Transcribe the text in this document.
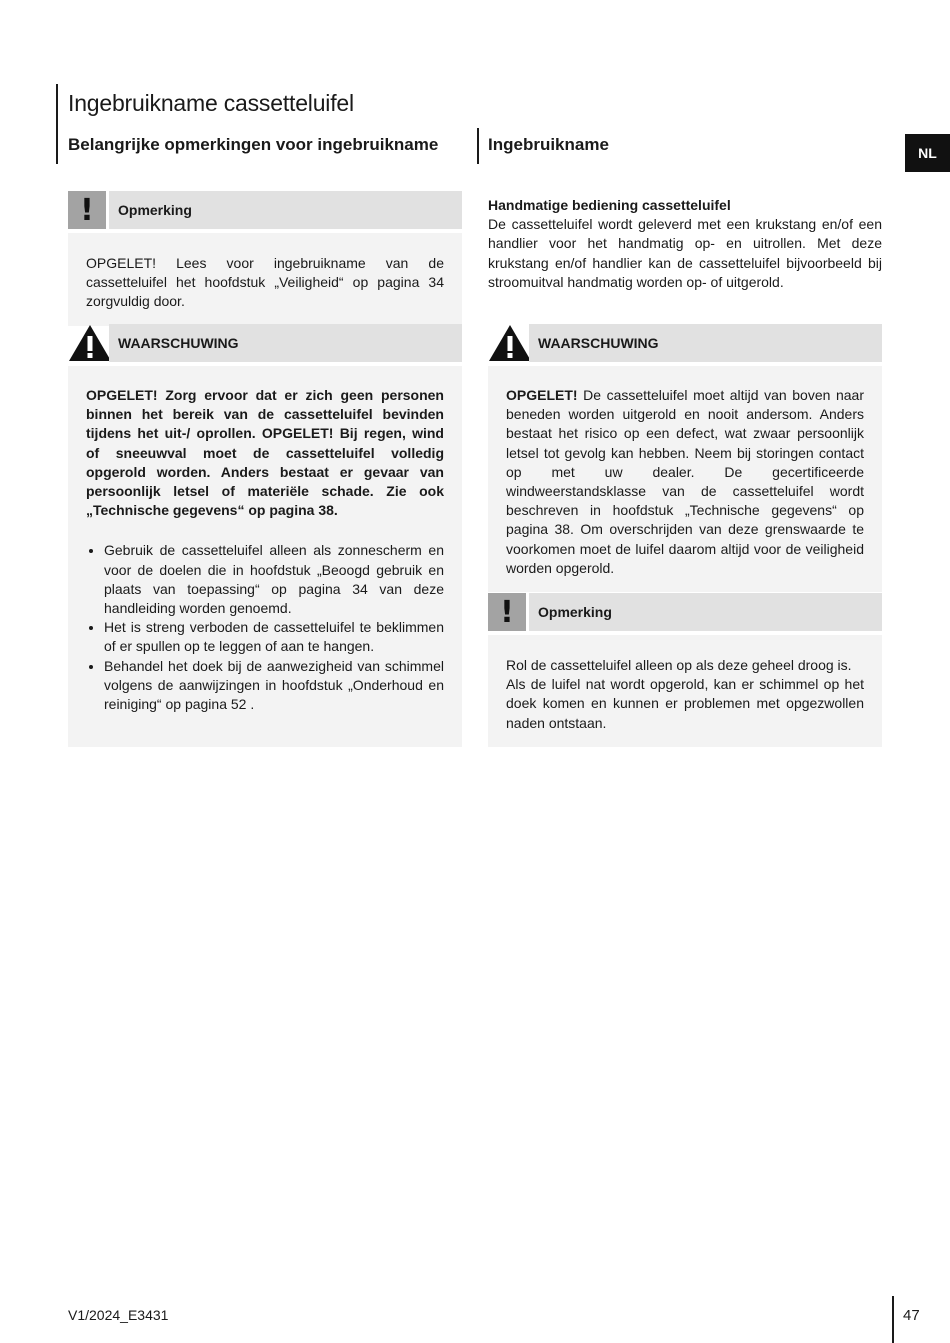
Ingebruikname cassetteluifel
Belangrijke opmerkingen voor ingebruikname	Ingebruikname	NL
!	Opmerking

OPGELET! Lees voor ingebruikname van de cassetteluifel het hoofdstuk „Veiligheid“ op pagina 34 zorgvuldig door.

WAARSCHUWING

OPGELET! Zorg ervoor dat er zich geen personen binnen het bereik van de cassetteluifel bevinden tijdens het uit-/ oprollen. OPGELET! Bij regen, wind of sneeuwval moet de cassetteluifel volledig opgerold worden. Anders bestaat er gevaar van persoonlijk letsel of materiële schade. Zie ook „Technische gegevens“ op pagina 38.

• Gebruik de cassetteluifel alleen als zonnescherm en voor de doelen die in hoofdstuk „Beoogd gebruik en plaats van toepassing“ op pagina 34 van deze handleiding worden genoemd.
• Het is streng verboden de cassetteluifel te beklimmen of er spullen op te leggen of aan te hangen.
• Behandel het doek bij de aanwezigheid van schimmel volgens de aanwijzingen in hoofdstuk „Onderhoud en reiniging“ op pagina 52 .
Handmatige bediening cassetteluifel

De cassetteluifel wordt geleverd met een krukstang en/of een handlier voor het handmatig op- en uitrollen. Met deze krukstang en/of handlier kan de cassetteluifel bijvoorbeeld bij stroomuitval handmatig worden op- of uitgerold.

WAARSCHUWING

OPGELET! De cassetteluifel moet altijd van boven naar beneden worden uitgerold en nooit andersom. Anders bestaat het risico op een defect, wat zwaar persoonlijk letsel tot gevolg kan hebben. Neem bij storingen contact op met uw dealer. De gecertificeerde windweerstandsklasse van de cassetteluifel wordt beschreven in hoofdstuk „Technische gegevens“ op pagina 38. Om overschrijden van deze grenswaarde te voorkomen moet de luifel daarom altijd voor de veiligheid worden opgerold.

!	Opmerking

Rol de cassetteluifel alleen op als deze geheel droog is.

Als de luifel nat wordt opgerold, kan er schimmel op het doek komen en kunnen er problemen met opgezwollen naden ontstaan.

V1/2024_E3431	47
